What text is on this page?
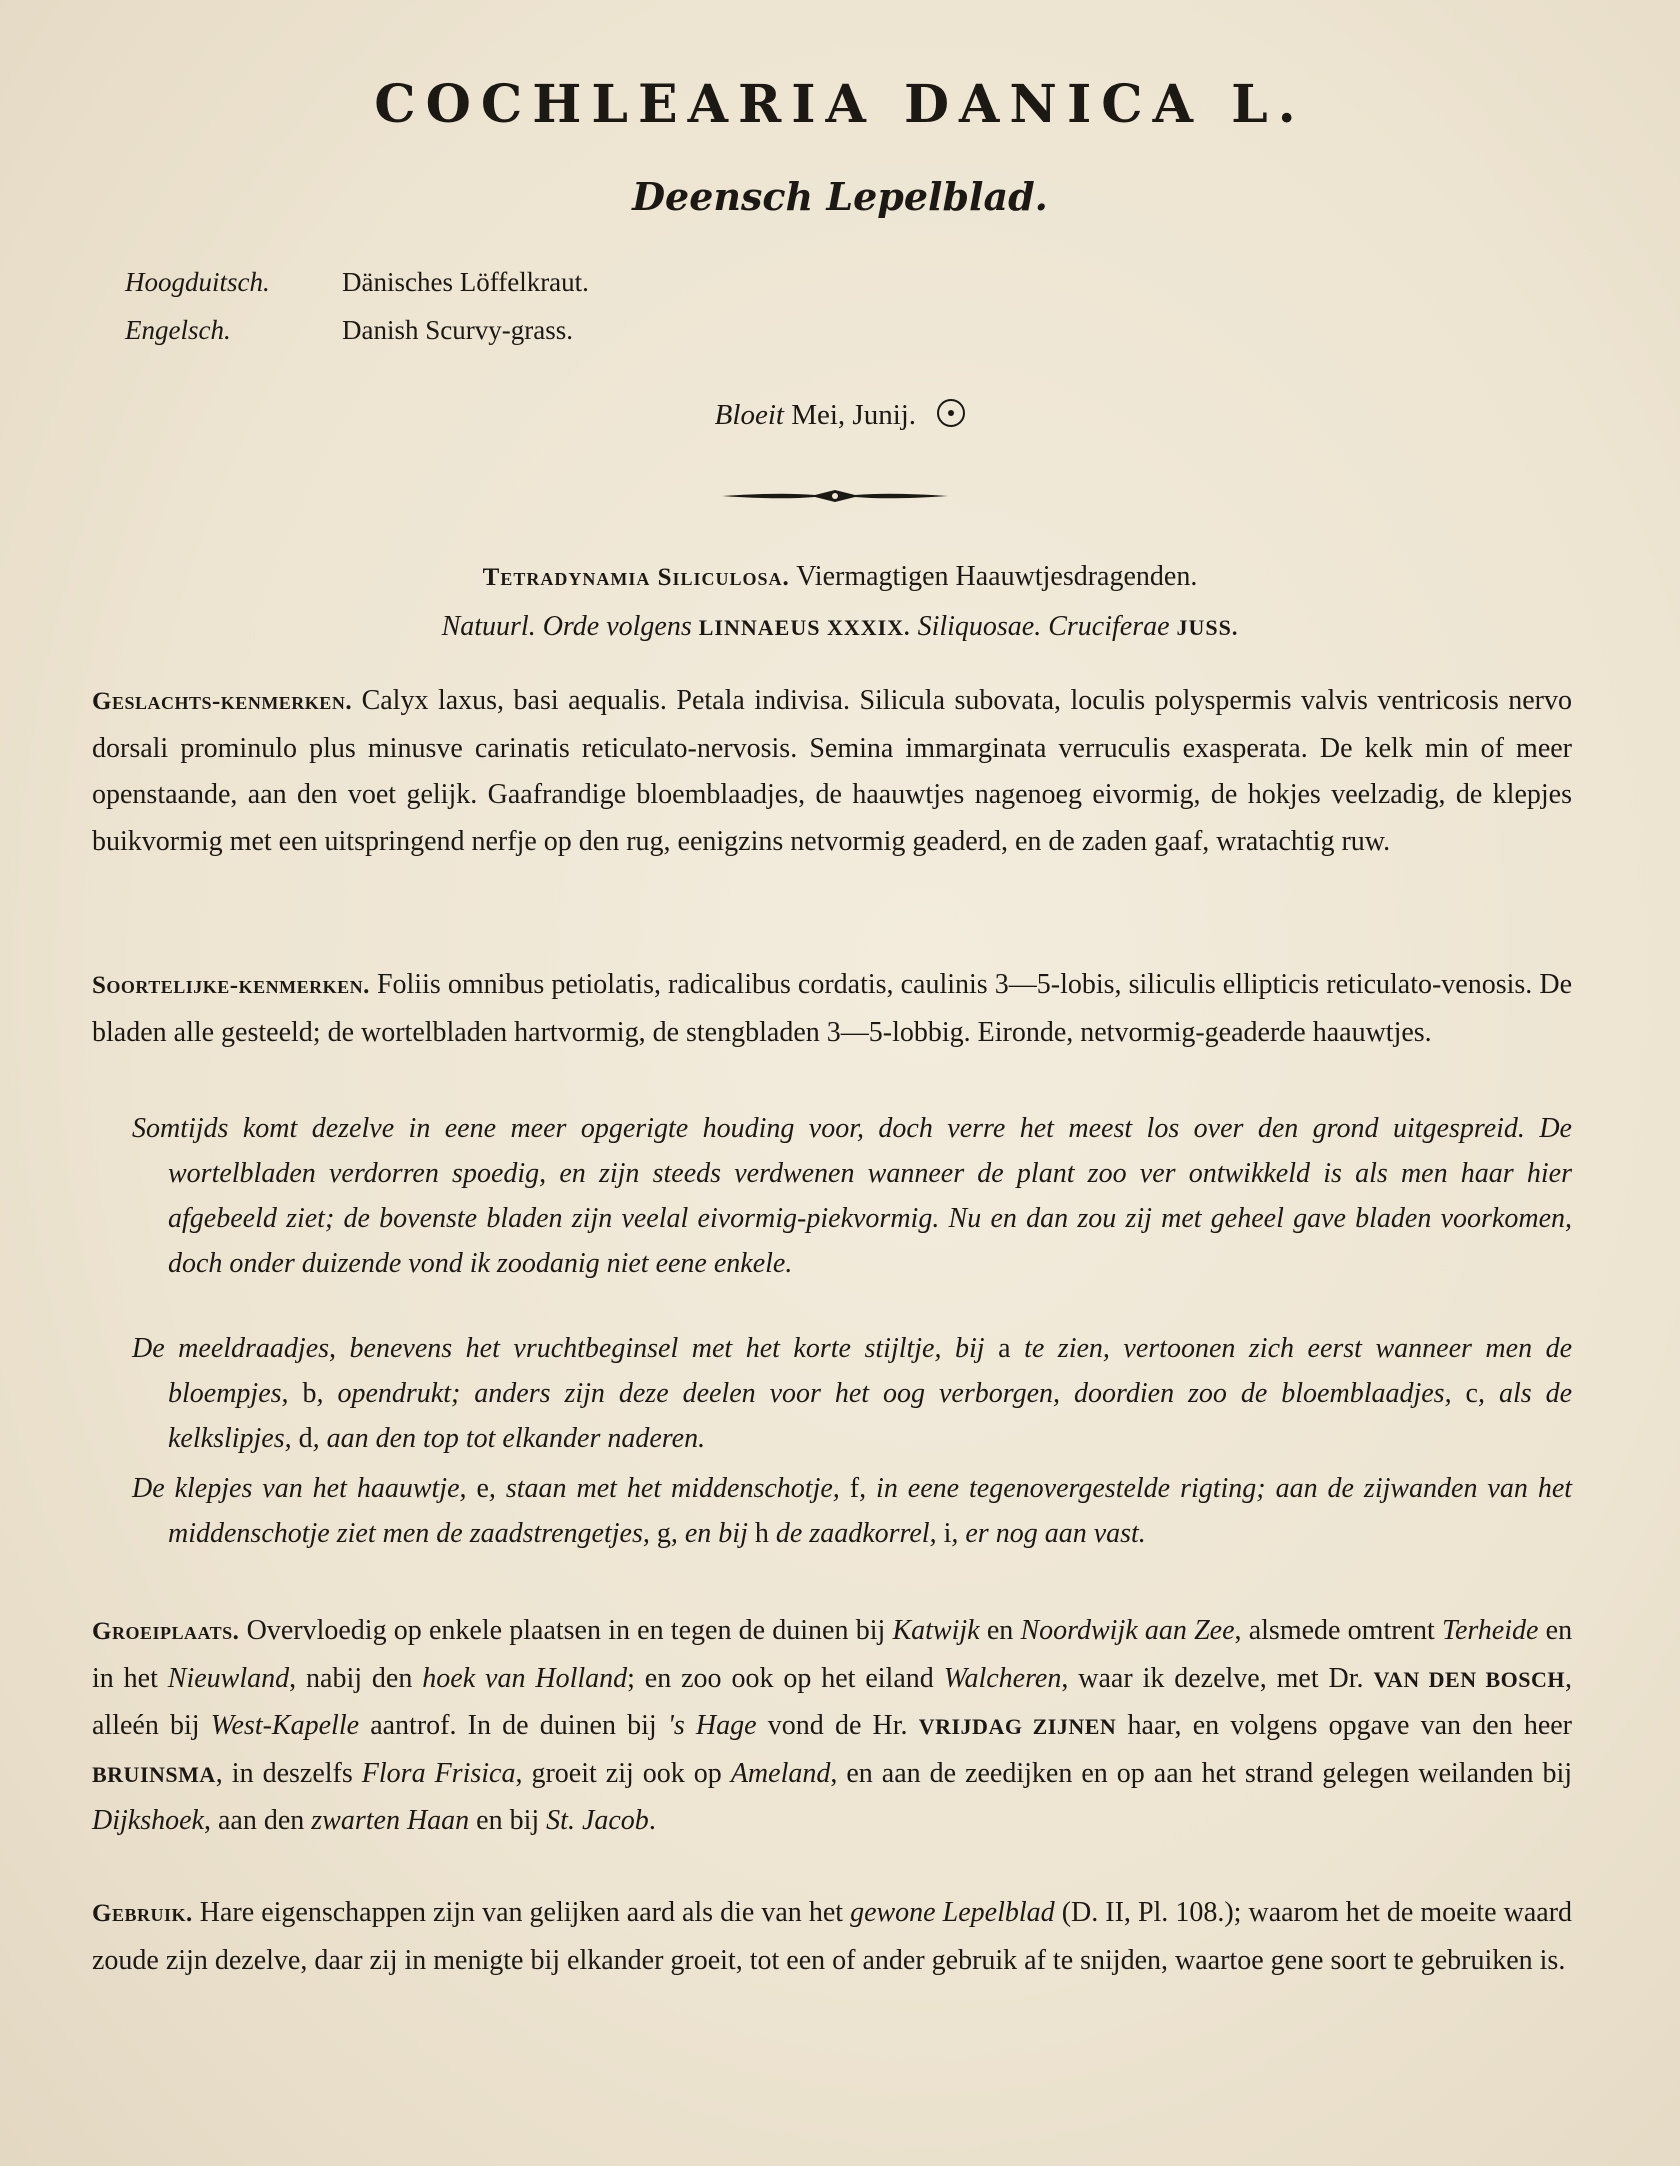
COCHLEARIA DANICA L.
Deensch Lepelblad.
Hoogduitsch.	Dänisches Löffelkraut.
Engelsch.	Danish Scurvy-grass.
Bloeit Mei, Junij.
Tetradynamia Siliculosa. Viermagtigen Haauwtjesdragenden.
Natuurl. Orde volgens LINNAEUS XXXIX. Siliquosae. Cruciferae JUSS.
Geslachts-kenmerken. Calyx laxus, basi aequalis. Petala indivisa. Silicula subovata, loculis polyspermis valvis ventricosis nervo dorsali prominulo plus minusve carinatis reticulato-nervosis. Semina immarginata verruculis exasperata. De kelk min of meer openstaande, aan den voet gelijk. Gaafrandige bloemblaadjes, de haauwtjes nagenoeg eivormig, de hokjes veelzadig, de klepjes buikvormig met een uitspringend nerfje op den rug, eenigzins netvormig geaderd, en de zaden gaaf, wratachtig ruw.
Soortelijke-kenmerken. Foliis omnibus petiolatis, radicalibus cordatis, caulinis 3—5-lobis, siliculis ellipticis reticulato-venosis. De bladen alle gesteeld; de wortelbladen hartvormig, de stengbladen 3—5-lobbig. Eironde, netvormig-geaderde haauwtjes.
Somtijds komt dezelve in eene meer opgerigte houding voor, doch verre het meest los over den grond uitgespreid. De wortelbladen verdorren spoedig, en zijn steeds verdwenen wanneer de plant zoo ver ontwikkeld is als men haar hier afgebeeld ziet; de bovenste bladen zijn veelal eivormig-piekvormig. Nu en dan zou zij met geheel gave bladen voorkomen, doch onder duizende vond ik zoodanig niet eene enkele.
De meeldraadjes, benevens het vruchtbeginsel met het korte stijltje, bij a te zien, vertoonen zich eerst wanneer men de bloempjes, b, opendrukt; anders zijn deze deelen voor het oog verborgen, doordien zoo de bloemblaadjes, c, als de kelkslipjes, d, aan den top tot elkander naderen.
De klepjes van het haauwtje, e, staan met het middenschotje, f, in eene tegenovergestelde rigting; aan de zijwanden van het middenschotje ziet men de zaadstrengetjes, g, en bij h de zaadkorrel, i, er nog aan vast.
Groeiplaats. Overvloedig op enkele plaatsen in en tegen de duinen bij Katwijk en Noordwijk aan Zee, alsmede omtrent Terheide en in het Nieuwland, nabij den hoek van Holland; en zoo ook op het eiland Walcheren, waar ik dezelve, met Dr. VAN DEN BOSCH, alleén bij West-Kapelle aantrof. In de duinen bij 's Hage vond de Hr. VRIJDAG ZIJNEN haar, en volgens opgave van den heer BRUINSMA, in deszelfs Flora Frisica, groeit zij ook op Ameland, en aan de zeedijken en op aan het strand gelegen weilanden bij Dijkshoek, aan den zwarten Haan en bij St. Jacob.
Gebruik. Hare eigenschappen zijn van gelijken aard als die van het gewone Lepelblad (D. II, Pl. 108.); waarom het de moeite waard zoude zijn dezelve, daar zij in menigte bij elkander groeit, tot een of ander gebruik af te snijden, waartoe gene soort te gebruiken is.
